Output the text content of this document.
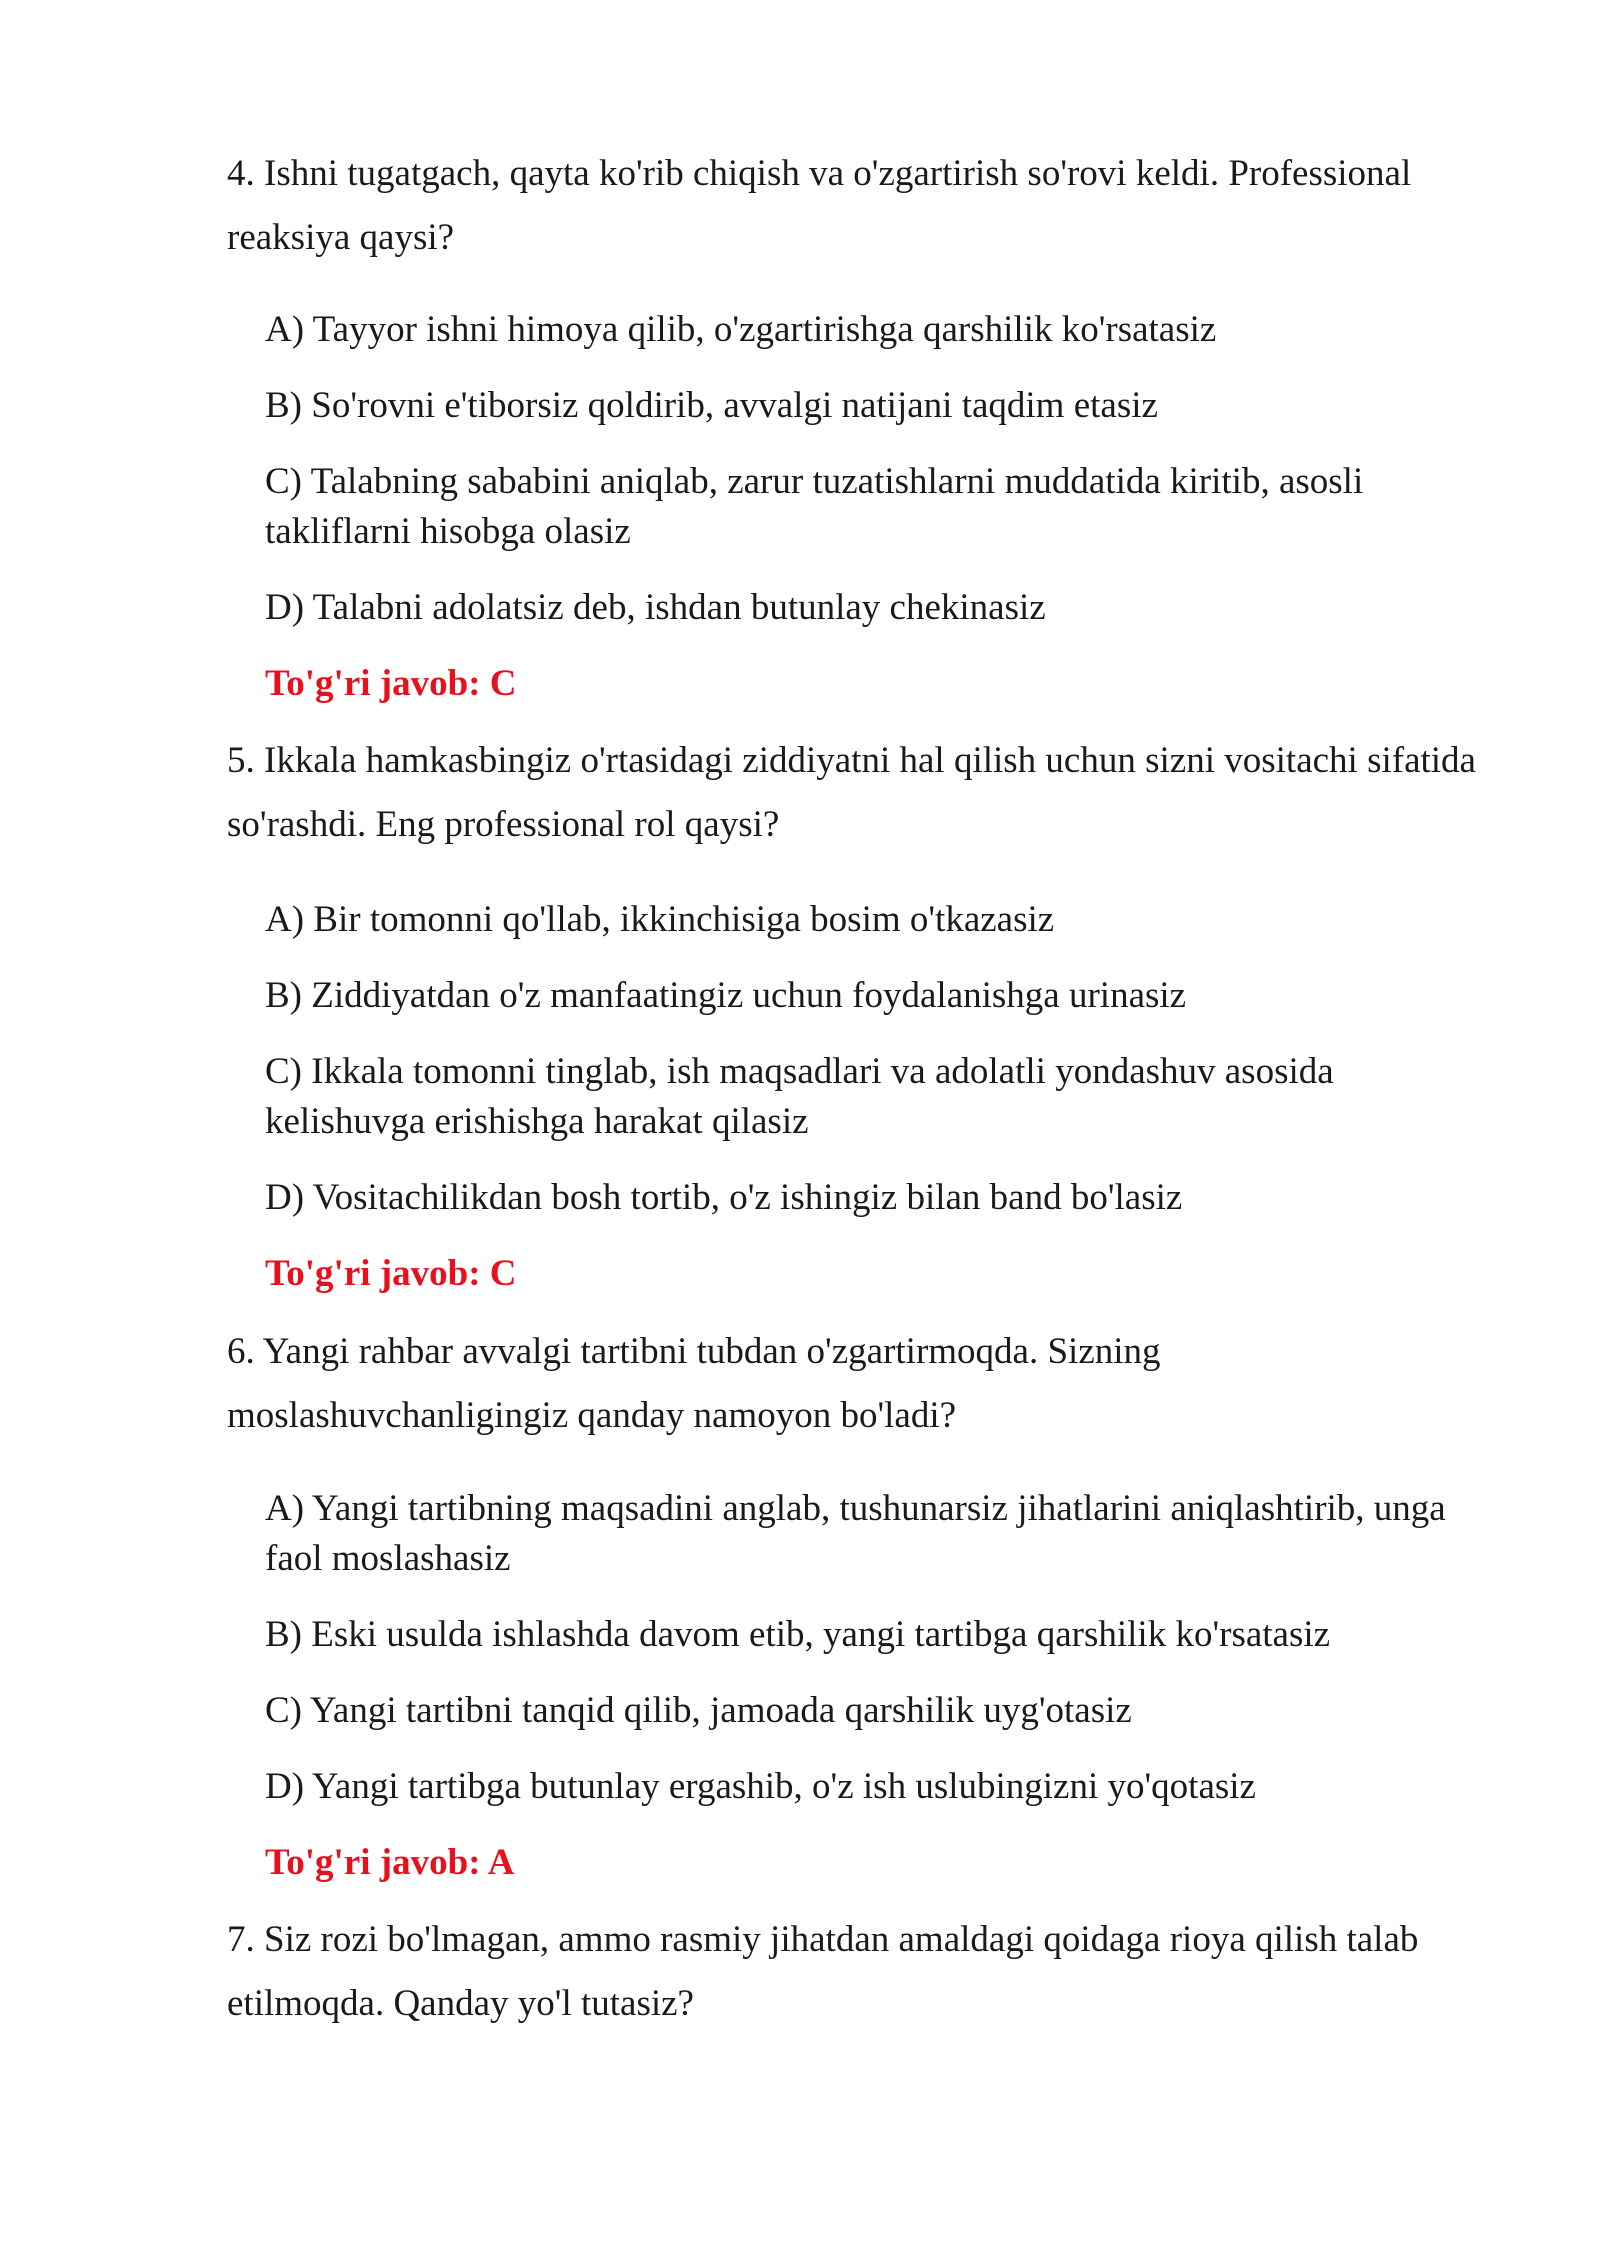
4. Ishni tugatgach, qayta ko'rib chiqish va o'zgartirish so'rovi keldi. Professional reaksiya qaysi?

A) Tayyor ishni himoya qilib, o'zgartirishga qarshilik ko'rsatasiz

B) So'rovni e'tiborsiz qoldirib, avvalgi natijani taqdim etasiz

C) Talabning sababini aniqlab, zarur tuzatishlarni muddatida kiritib, asosli takliflarni hisobga olasiz

D) Talabni adolatsiz deb, ishdan butunlay chekinasiz

To'g'ri javob: C

5. Ikkala hamkasbingiz o'rtasidagi ziddiyatni hal qilish uchun sizni vositachi sifatida so'rashdi. Eng professional rol qaysi?

A) Bir tomonni qo'llab, ikkinchisiga bosim o'tkazasiz

B) Ziddiyatdan o'z manfaatingiz uchun foydalanishga urinasiz

C) Ikkala tomonni tinglab, ish maqsadlari va adolatli yondashuv asosida kelishuvga erishishga harakat qilasiz

D) Vositachilikdan bosh tortib, o'z ishingiz bilan band bo'lasiz

To'g'ri javob: C

6. Yangi rahbar avvalgi tartibni tubdan o'zgartirmoqda. Sizning moslashuvchanligingiz qanday namoyon bo'ladi?

A) Yangi tartibning maqsadini anglab, tushunarsiz jihatlarini aniqlashtirib, unga faol moslashasiz

B) Eski usulda ishlashda davom etib, yangi tartibga qarshilik ko'rsatasiz

C) Yangi tartibni tanqid qilib, jamoada qarshilik uyg'otasiz

D) Yangi tartibga butunlay ergashib, o'z ish uslubingizni yo'qotasiz

To'g'ri javob: A

7. Siz rozi bo'lmagan, ammo rasmiy jihatdan amaldagi qoidaga rioya qilish talab etilmoqda. Qanday yo'l tutasiz?
